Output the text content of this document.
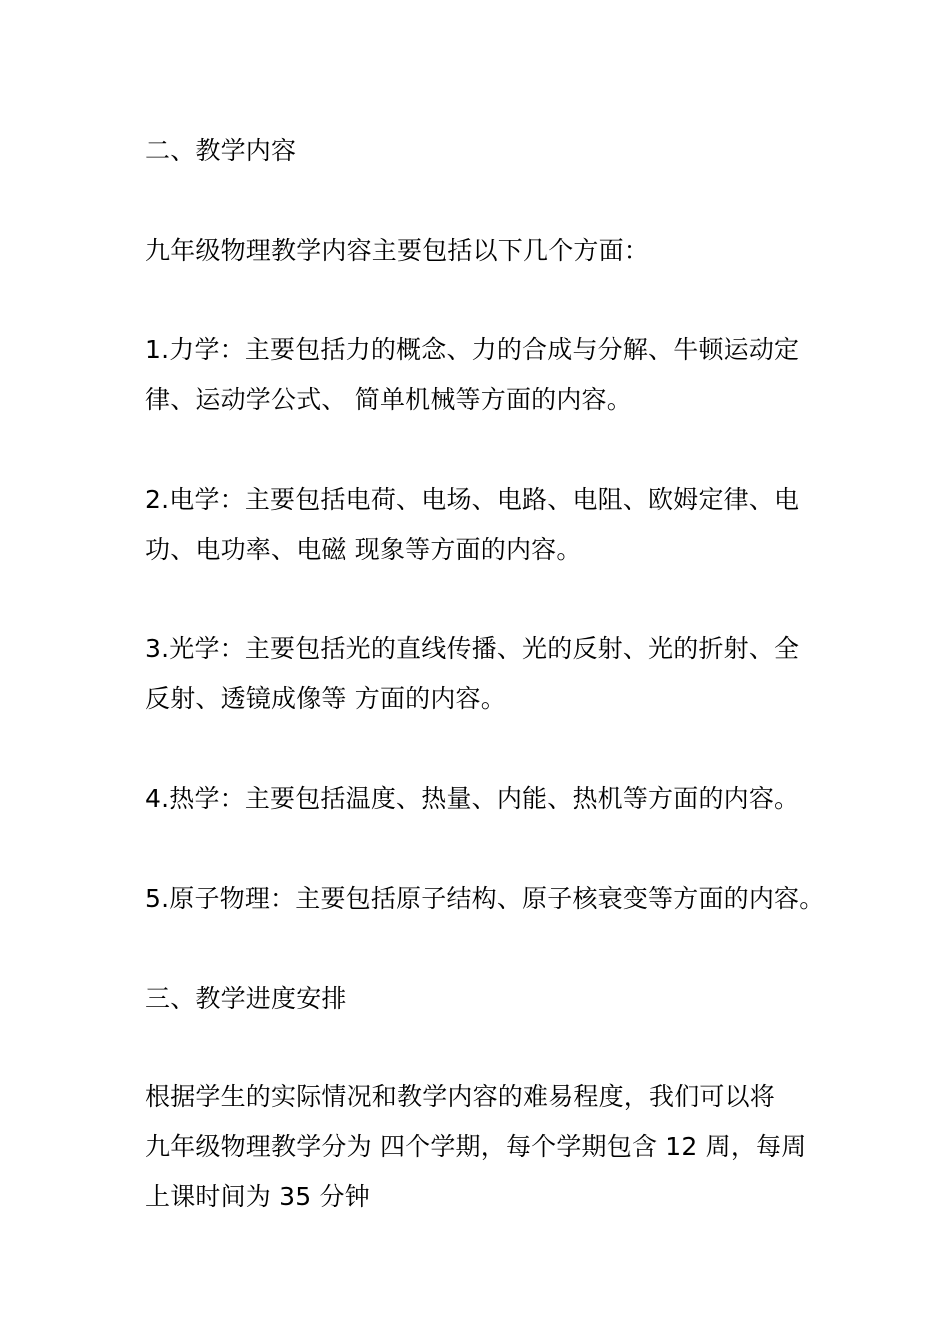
二、教学内容
九年级物理教学内容主要包括以下几个方面：
1.力学：主要包括力的概念、力的合成与分解、牛顿运动定
律、运动学公式、 简单机械等方面的内容。
2.电学：主要包括电荷、电场、电路、电阻、欧姆定律、电
功、电功率、电磁 现象等方面的内容。
3.光学：主要包括光的直线传播、光的反射、光的折射、全
反射、透镜成像等 方面的内容。
4.热学：主要包括温度、热量、内能、热机等方面的内容。
5.原子物理：主要包括原子结构、原子核衰变等方面的内容。
三、教学进度安排
根据学生的实际情况和教学内容的难易程度，我们可以将
九年级物理教学分为 四个学期，每个学期包含 12 周，每周
上课时间为 35 分钟
